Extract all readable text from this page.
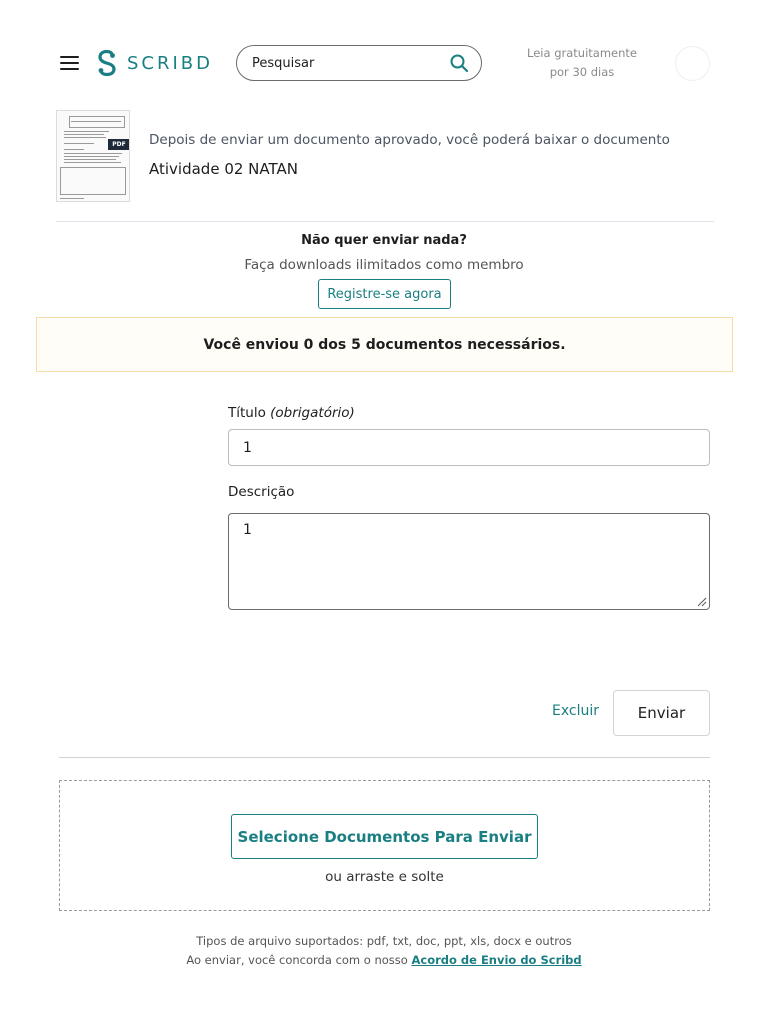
SCRIBD
Pesquisar	Leia gratuitamente
por 30 dias
PDF	Depois de enviar um documento aprovado, você poderá baixar o documento
Atividade 02 NATAN
Não quer enviar nada?
Faça downloads ilimitados como membro
Registre-se agora
Você enviou 0 dos 5 documentos necessários.
Título (obrigatório)
1
Descrição
1
Excluir	Enviar
Selecione Documentos Para Enviar
ou arraste e solte
Tipos de arquivo suportados: pdf, txt, doc, ppt, xls, docx e outros
Ao enviar, você concorda com o nosso Acordo de Envio do Scribd
